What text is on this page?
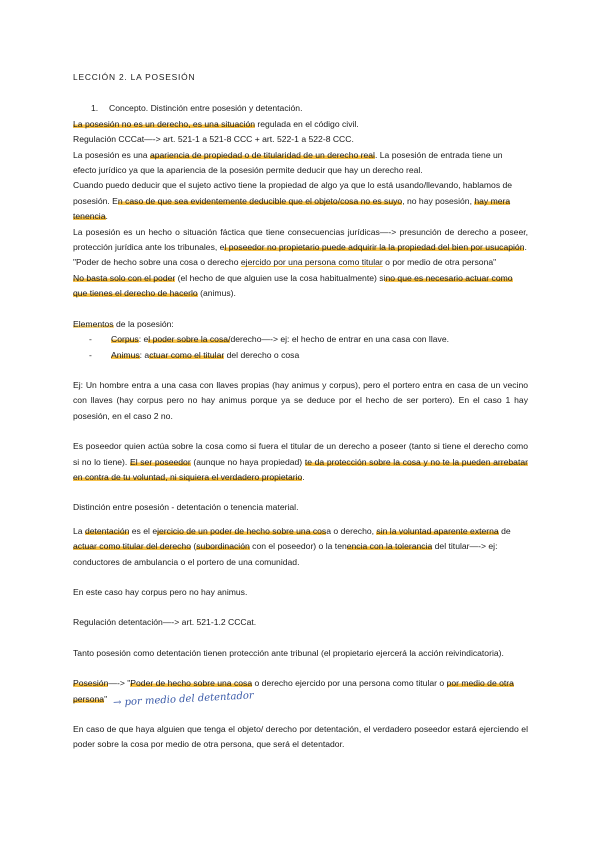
LECCIÓN 2. LA POSESIÓN

1. Concepto. Distinción entre posesión y detentación.

La posesión no es un derecho, es una situación regulada en el código civil.

Regulación CCCat—-> art. 521-1 a 521-8 CCC + art. 522-1 a 522-8 CCC.

La posesión es una apariencia de propiedad o de titularidad de un derecho real. La posesión de entrada tiene un efecto jurídico ya que la apariencia de la posesión permite deducir que hay un derecho real.

Cuando puedo deducir que el sujeto activo tiene la propiedad de algo ya que lo está usando/llevando, hablamos de posesión. En caso de que sea evidentemente deducible que el objeto/cosa no es suyo, no hay posesión, hay mera tenencia.

La posesión es un hecho o situación fáctica que tiene consecuencias jurídicas—-> presunción de derecho a poseer, protección jurídica ante los tribunales, el poseedor no propietario puede adquirir la la propiedad del bien por usucapión.

"Poder de hecho sobre una cosa o derecho ejercido por una persona como titular o por medio de otra persona"

No basta solo con el poder (el hecho de que alguien use la cosa habitualmente) sino que es necesario actuar como que tienes el derecho de hacerlo (animus).

Elementos de la posesión:

- Corpus: el poder sobre la cosa/derecho—-> ej: el hecho de entrar en una casa con llave.
- Animus: actuar como el titular del derecho o cosa

Ej: Un hombre entra a una casa con llaves propias (hay animus y corpus), pero el portero entra en casa de un vecino con llaves (hay corpus pero no hay animus porque ya se deduce por el hecho de ser portero). En el caso 1 hay posesión, en el caso 2 no.

Es poseedor quien actúa sobre la cosa como si fuera el titular de un derecho a poseer (tanto si tiene el derecho como si no lo tiene). El ser poseedor (aunque no haya propiedad) te da protección sobre la cosa y no te la pueden arrebatar en contra de tu voluntad, ni siquiera el verdadero propietario.

Distinción entre posesión - detentación o tenencia material.

La detentación es el ejercicio de un poder de hecho sobre una cosa o derecho, sin la voluntad aparente externa de actuar como titular del derecho (subordinación con el poseedor) o la tenencia con la tolerancia del titular—-> ej: conductores de ambulancia o el portero de una comunidad.

En este caso hay corpus pero no hay animus.

Regulación detentación—-> art. 521-1.2 CCCat.

Tanto posesión como detentación tienen protección ante tribunal (el propietario ejercerá la acción reivindicatoria).

Posesión—-> "Poder de hecho sobre una cosa o derecho ejercido por una persona como titular o por medio de otra persona" → por medio del detentador

En caso de que haya alguien que tenga el objeto/ derecho por detentación, el verdadero poseedor estará ejerciendo el poder sobre la cosa por medio de otra persona, que será el detentador.
